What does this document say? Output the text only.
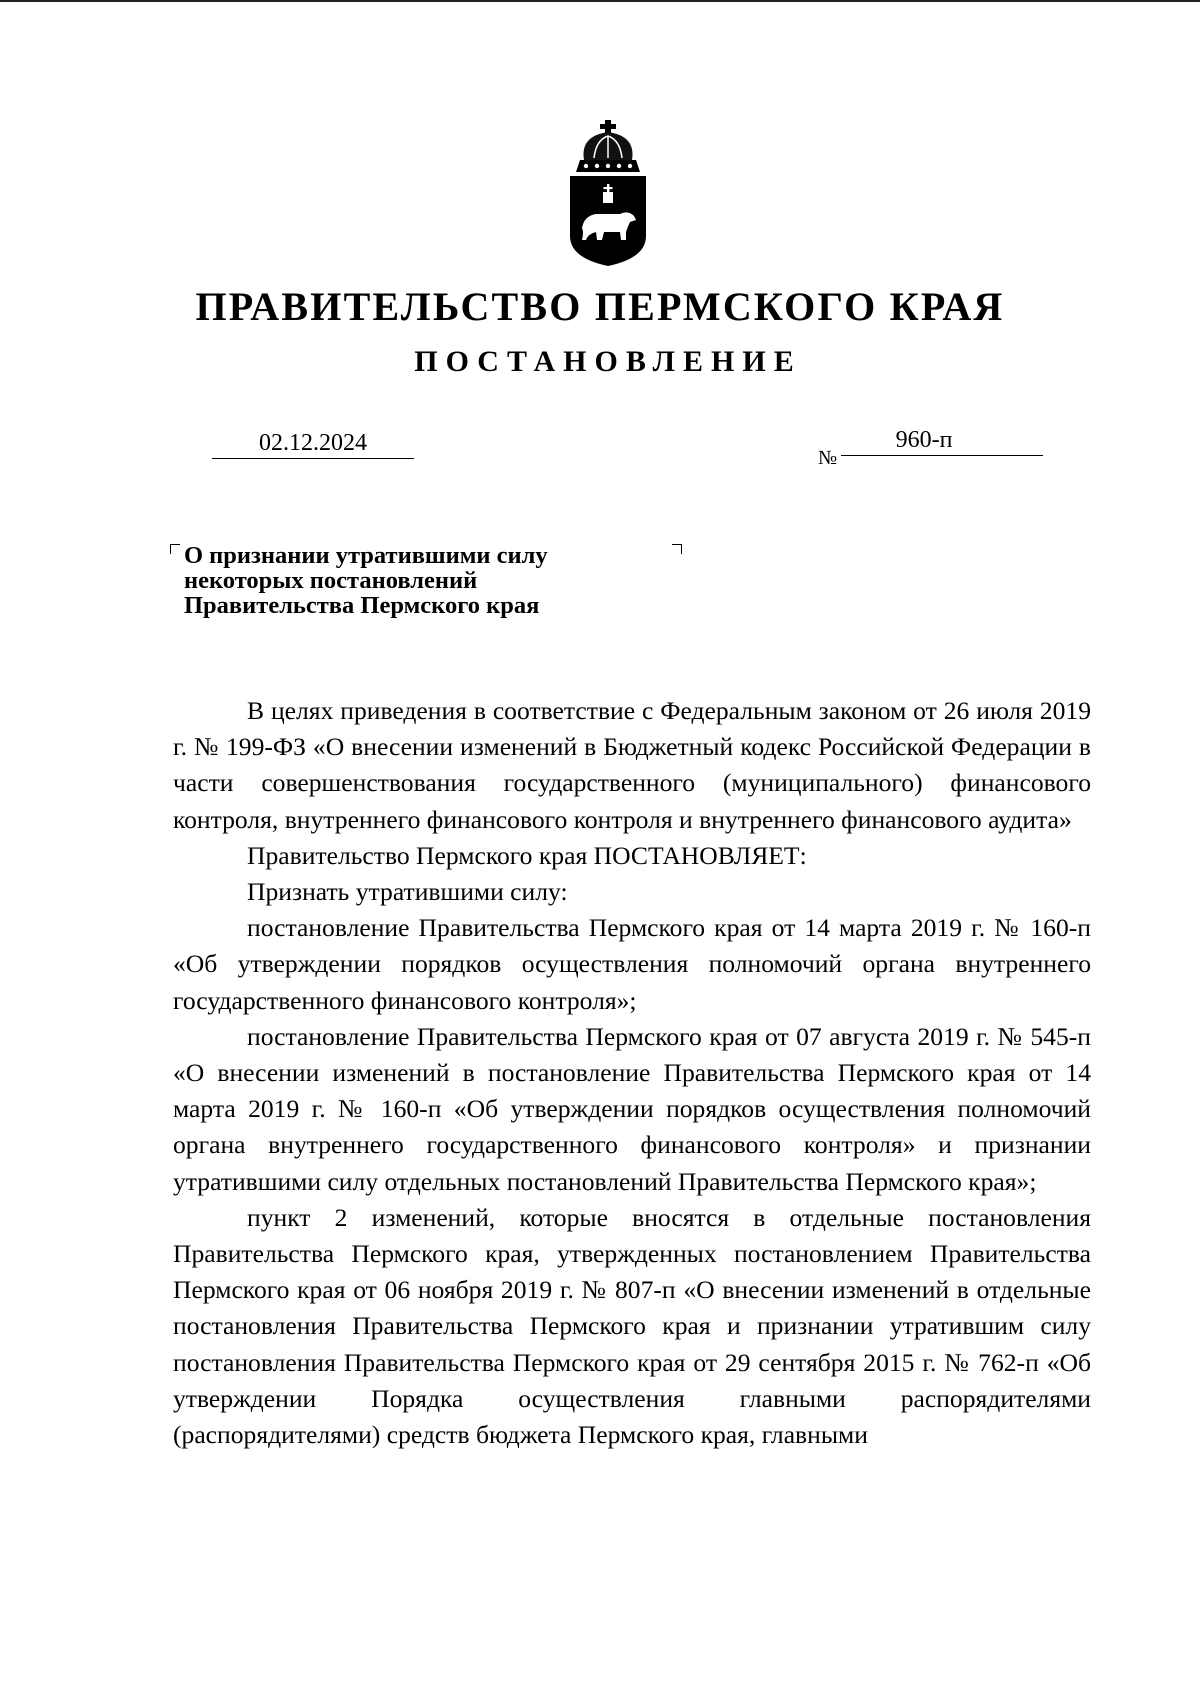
ПРАВИТЕЛЬСТВО ПЕРМСКОГО КРАЯ
ПОСТАНОВЛЕНИЕ
02.12.2024
№
960-п
О признании утратившими силу
некоторых постановлений
Правительства Пермского края

В целях приведения в соответствие с Федеральным законом от 26 июля 2019 г. № 199-ФЗ «О внесении изменений в Бюджетный кодекс Российской Федерации в части совершенствования государственного (муниципального) финансового контроля, внутреннего финансового контроля и внутреннего финансового аудита»

Правительство Пермского края ПОСТАНОВЛЯЕТ:

Признать утратившими силу:

постановление Правительства Пермского края от 14 марта 2019 г. № 160-п «Об утверждении порядков осуществления полномочий органа внутреннего государственного финансового контроля»;

постановление Правительства Пермского края от 07 августа 2019 г. № 545-п «О внесении изменений в постановление Правительства Пермского края от 14 марта 2019 г. № 160-п «Об утверждении порядков осуществления полномочий органа внутреннего государственного финансового контроля» и признании утратившими силу отдельных постановлений Правительства Пермского края»;

пункт 2 изменений, которые вносятся в отдельные постановления Правительства Пермского края, утвержденных постановлением Правительства Пермского края от 06 ноября 2019 г. № 807-п «О внесении изменений в отдельные постановления Правительства Пермского края и признании утратившим силу постановления Правительства Пермского края от 29 сентября 2015 г. № 762-п «Об утверждении Порядка осуществления главными распорядителями (распорядителями) средств бюджета Пермского края, главными
